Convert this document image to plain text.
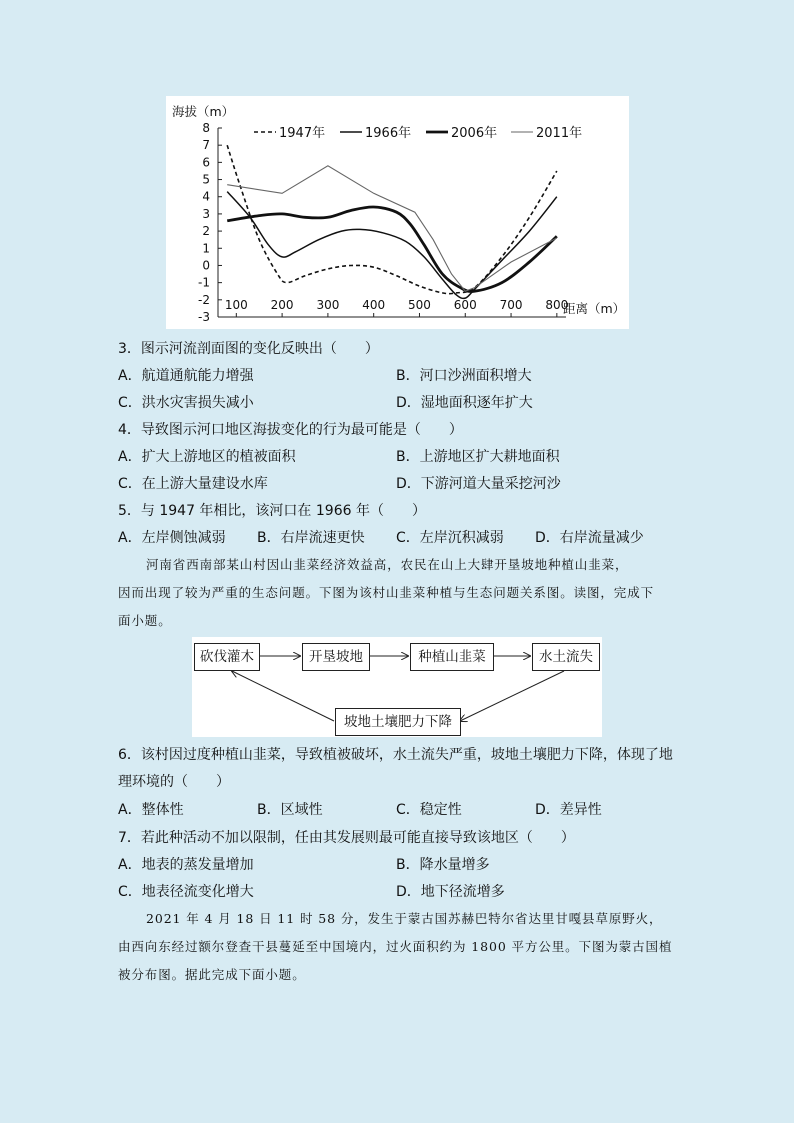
8
7
6
5
4
3
2
1
0
-1
-2
-3
100 200 300 400 500 600 700 800
海拔（m）
距离（m）
1947年	1966年	2006年	2011年
3．图示河流剖面图的变化反映出（　　）
A．航道通航能力增强	B．河口沙洲面积增大
C．洪水灾害损失减小	D．湿地面积逐年扩大
4．导致图示河口地区海拔变化的行为最可能是（　　）
A．扩大上游地区的植被面积	B．上游地区扩大耕地面积
C．在上游大量建设水库	D．下游河道大量采挖河沙
5．与 1947 年相比，该河口在 1966 年（　　）
A．左岸侧蚀减弱 B．右岸流速更快 C．左岸沉积减弱 D．右岸流量减少
河南省西南部某山村因山韭菜经济效益高，农民在山上大肆开垦坡地种植山韭菜，
因而出现了较为严重的生态问题。下图为该村山韭菜种植与生态问题关系图。读图，完成下
面小题。
砍伐灌木	开垦坡地	种植山韭菜	水土流失
坡地土壤肥力下降
6．该村因过度种植山韭菜，导致植被破坏，水土流失严重，坡地土壤肥力下降，体现了地
理环境的（　　）
A．整体性	B．区域性	C．稳定性	D．差异性
7．若此种活动不加以限制，任由其发展则最可能直接导致该地区（　　）
A．地表的蒸发量增加	B．降水量增多
C．地表径流变化增大	D．地下径流增多
2021 年 4 月 18 日 11 时 58 分，发生于蒙古国苏赫巴特尔省达里甘嘎县草原野火，
由西向东经过额尔登查干县蔓延至中国境内，过火面积约为 1800 平方公里。下图为蒙古国植
被分布图。据此完成下面小题。
